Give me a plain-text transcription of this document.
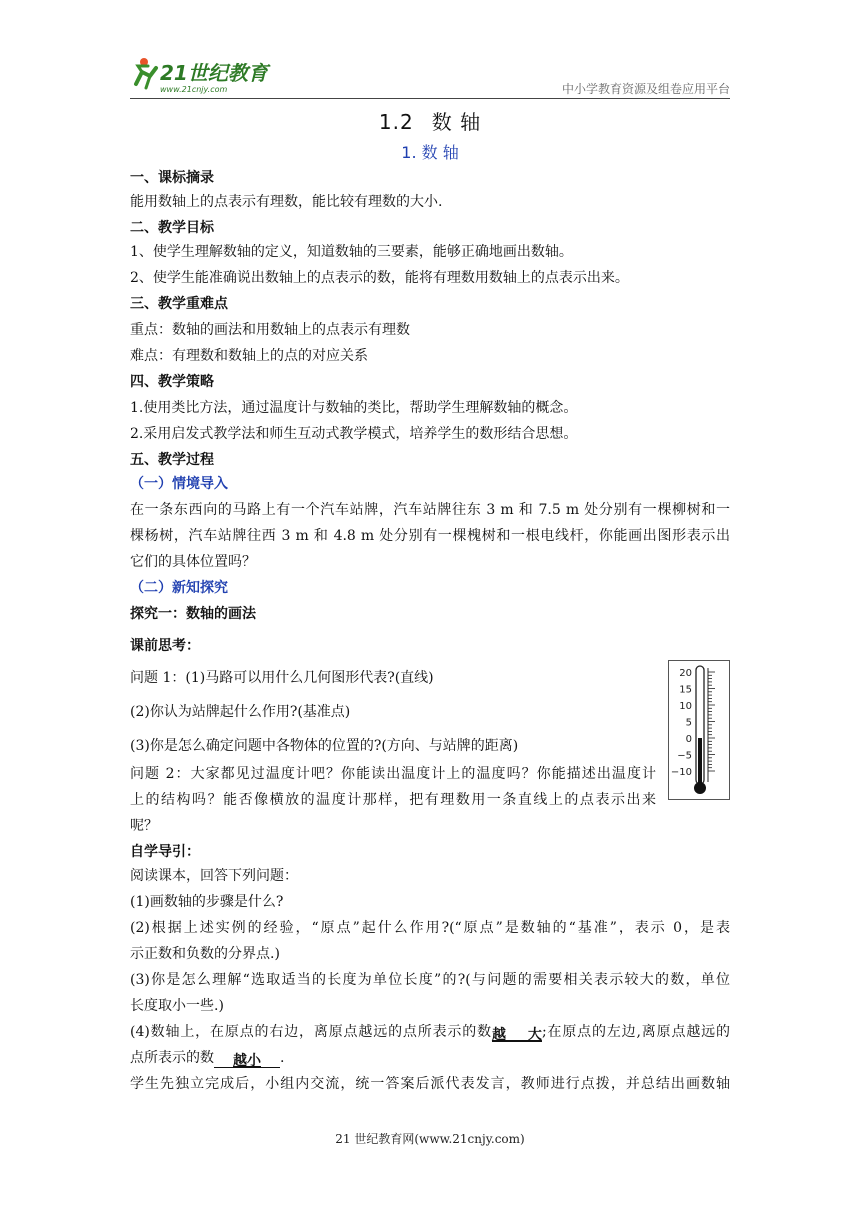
21世纪教育
www.21cnjy.com	中小学教育资源及组卷应用平台
1.2 数 轴
1. 数 轴
一、课标摘录
能用数轴上的点表示有理数，能比较有理数的大小.
二、教学目标
1、使学生理解数轴的定义，知道数轴的三要素，能够正确地画出数轴。
2、使学生能准确说出数轴上的点表示的数，能将有理数用数轴上的点表示出来。
三、教学重难点
重点：数轴的画法和用数轴上的点表示有理数
难点：有理数和数轴上的点的对应关系
四、教学策略
1.使用类比方法，通过温度计与数轴的类比，帮助学生理解数轴的概念。
2.采用启发式教学法和师生互动式教学模式，培养学生的数形结合思想。
五、教学过程
（一）情境导入
在一条东西向的马路上有一个汽车站牌，汽车站牌往东 3 m 和 7.5 m 处分别有一棵柳树和一
棵杨树，汽车站牌往西 3 m 和 4.8 m 处分别有一棵槐树和一根电线杆，你能画出图形表示出
它们的具体位置吗？
（二）新知探究
探究一：数轴的画法
课前思考：
问题 1：(1)马路可以用什么几何图形代表?(直线)
(2)你认为站牌起什么作用?(基准点)
(3)你是怎么确定问题中各物体的位置的?(方向、与站牌的距离)
问题 2：大家都见过温度计吧？你能读出温度计上的温度吗？你能描述出温度计
上的结构吗？能否像横放的温度计那样，把有理数用一条直线上的点表示出来
呢？
20
15
10
5
0
−5
−10
自学导引：
阅读课本，回答下列问题：
(1)画数轴的步骤是什么?
(2)根据上述实例的经验，“原点”起什么作用?(“原点”是数轴的“基准”，表示 0，是表
示正数和负数的分界点.)
(3)你是怎么理解“选取适当的长度为单位长度”的?(与问题的需要相关表示较大的数，单位
长度取小一些.)
(4)数轴上，在原点的右边，离原点越远的点所表示的数越大;在原点的左边,离原点越远的
点所表示的数 越小 .
学生先独立完成后，小组内交流，统一答案后派代表发言，教师进行点拨，并总结出画数轴
21 世纪教育网(www.21cnjy.com)
